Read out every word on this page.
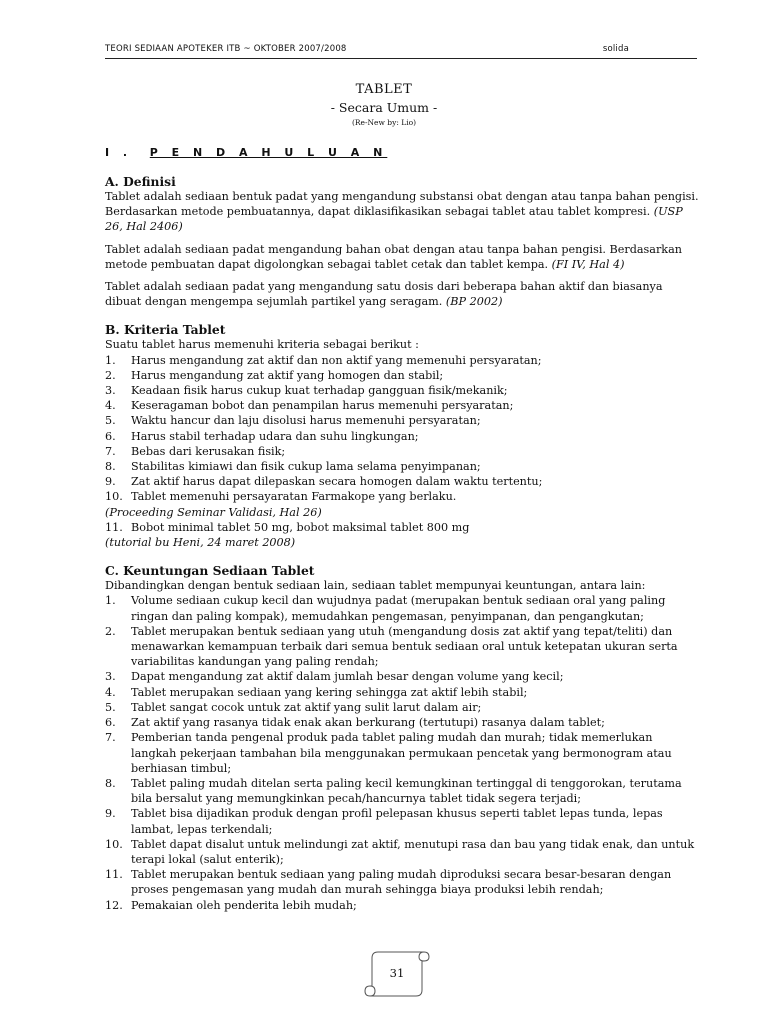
TEORI SEDIAAN APOTEKER ITB ~ OKTOBER 2007/2008	solida
TABLET
- Secara Umum -
(Re-New by: Lio)
I . P E N D A H U L U A N

A. Definisi

Tablet adalah sediaan bentuk padat yang mengandung substansi obat dengan atau tanpa bahan pengisi. Berdasarkan metode pembuatannya, dapat diklasifikasikan sebagai tablet atau tablet kompresi. (USP 26, Hal 2406)

Tablet adalah sediaan padat mengandung bahan obat dengan atau tanpa bahan pengisi. Berdasarkan metode pembuatan dapat digolongkan sebagai tablet cetak dan tablet kempa. (FI IV, Hal 4)

Tablet adalah sediaan padat yang mengandung satu dosis dari beberapa bahan aktif dan biasanya dibuat dengan mengempa sejumlah partikel yang seragam. (BP 2002)

B. Kriteria Tablet

Suatu tablet harus memenuhi kriteria sebagai berikut :

1. Harus mengandung zat aktif dan non aktif yang memenuhi persyaratan;
2. Harus mengandung zat aktif yang homogen dan stabil;
3. Keadaan fisik harus cukup kuat terhadap gangguan fisik/mekanik;
4. Keseragaman bobot dan penampilan harus memenuhi persyaratan;
5. Waktu hancur dan laju disolusi harus memenuhi persyaratan;
6. Harus stabil terhadap udara dan suhu lingkungan;
7. Bebas dari kerusakan fisik;
8. Stabilitas kimiawi dan fisik cukup lama selama penyimpanan;
9. Zat aktif harus dapat dilepaskan secara homogen dalam waktu tertentu;
10. Tablet memenuhi persayaratan Farmakope yang berlaku.

(Proceeding Seminar Validasi, Hal 26)

11. Bobot minimal tablet 50 mg, bobot maksimal tablet 800 mg

(tutorial bu Heni, 24 maret 2008)

C. Keuntungan Sediaan Tablet

Dibandingkan dengan bentuk sediaan lain, sediaan tablet mempunyai keuntungan, antara lain:

1. Volume sediaan cukup kecil dan wujudnya padat (merupakan bentuk sediaan oral yang paling ringan dan paling kompak), memudahkan pengemasan, penyimpanan, dan pengangkutan;
2. Tablet merupakan bentuk sediaan yang utuh (mengandung dosis zat aktif yang tepat/teliti) dan menawarkan kemampuan terbaik dari semua bentuk sediaan oral untuk ketepatan ukuran serta variabilitas kandungan yang paling rendah;
3. Dapat mengandung zat aktif dalam jumlah besar dengan volume yang kecil;
4. Tablet merupakan sediaan yang kering sehingga zat aktif lebih stabil;
5. Tablet sangat cocok untuk zat aktif yang sulit larut dalam air;
6. Zat aktif yang rasanya tidak enak akan berkurang (tertutupi) rasanya dalam tablet;
7. Pemberian tanda pengenal produk pada tablet paling mudah dan murah; tidak memerlukan langkah pekerjaan tambahan bila menggunakan permukaan pencetak yang bermonogram atau berhiasan timbul;
8. Tablet paling mudah ditelan serta paling kecil kemungkinan tertinggal di tenggorokan, terutama bila bersalut yang memungkinkan pecah/hancurnya tablet tidak segera terjadi;
9. Tablet bisa dijadikan produk dengan profil pelepasan khusus seperti tablet lepas tunda, lepas lambat, lepas terkendali;
10. Tablet dapat disalut untuk melindungi zat aktif, menutupi rasa dan bau yang tidak enak, dan untuk terapi lokal (salut enterik);
11. Tablet merupakan bentuk sediaan yang paling mudah diproduksi secara besar-besaran dengan proses pengemasan yang mudah dan murah sehingga biaya produksi lebih rendah;
12. Pemakaian oleh penderita lebih mudah;
31
